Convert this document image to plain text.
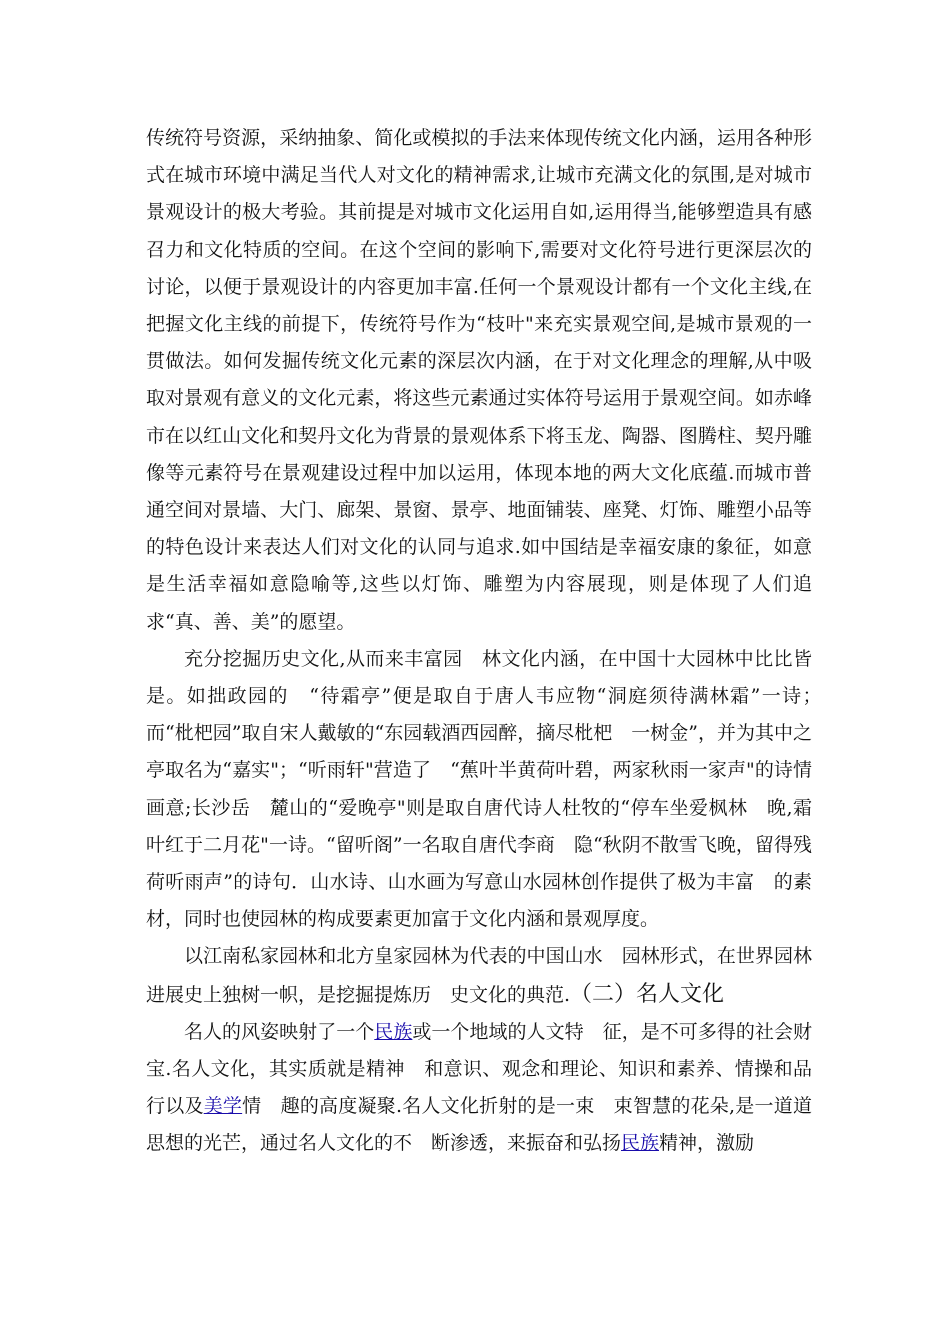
传统符号资源，采纳抽象、简化或模拟的手法来体现传统文化内涵，运用各种形式在城市环境中满足当代人对文化的精神需求,让城市充满文化的氛围,是对城市景观设计的极大考验。其前提是对城市文化运用自如,运用得当,能够塑造具有感召力和文化特质的空间。在这个空间的影响下,需要对文化符号进行更深层次的讨论，以便于景观设计的内容更加丰富.任何一个景观设计都有一个文化主线,在把握文化主线的前提下，传统符号作为“枝叶"来充实景观空间,是城市景观的一贯做法。如何发掘传统文化元素的深层次内涵，在于对文化理念的理解,从中吸取对景观有意义的文化元素，将这些元素通过实体符号运用于景观空间。如赤峰市在以红山文化和契丹文化为背景的景观体系下将玉龙、陶器、图腾柱、契丹雕像等元素符号在景观建设过程中加以运用，体现本地的两大文化底蕴.而城市普通空间对景墙、大门、廊架、景窗、景亭、地面铺装、座凳、灯饰、雕塑小品等的特色设计来表达人们对文化的认同与追求.如中国结是幸福安康的象征，如意是生活幸福如意隐喻等,这些以灯饰、雕塑为内容展现，则是体现了人们追求“真、善、美”的愿望。

充分挖掘历史文化,从而来丰富园　林文化内涵，在中国十大园林中比比皆是。如拙政园的　“待霜亭”便是取自于唐人韦应物“洞庭须待满林霜”一诗；　而“枇杷园”取自宋人戴敏的“东园载酒西园醉，摘尽枇杷　一树金”，并为其中之亭取名为“嘉实"；“听雨轩"营造了　“蕉叶半黄荷叶碧，两家秋雨一家声"的诗情画意;长沙岳　麓山的“爱晚亭"则是取自唐代诗人杜牧的“停车坐爱枫林　晚,霜叶红于二月花"一诗。“留听阁”一名取自唐代李商　隐“秋阴不散雪飞晚，留得残荷听雨声”的诗句．山水诗、山水画为写意山水园林创作提供了极为丰富　的素材，同时也使园林的构成要素更加富于文化内涵和景观厚度。

以江南私家园林和北方皇家园林为代表的中国山水　园林形式，在世界园林进展史上独树一帜，是挖掘提炼历　史文化的典范.（二）名人文化

名人的风姿映射了一个民族或一个地域的人文特　征，是不可多得的社会财宝.名人文化，其实质就是精神　和意识、观念和理论、知识和素养、情操和品行以及美学情　趣的高度凝聚.名人文化折射的是一束　束智慧的花朵,是一道道思想的光芒，通过名人文化的不　断渗透，来振奋和弘扬民族精神，激励
